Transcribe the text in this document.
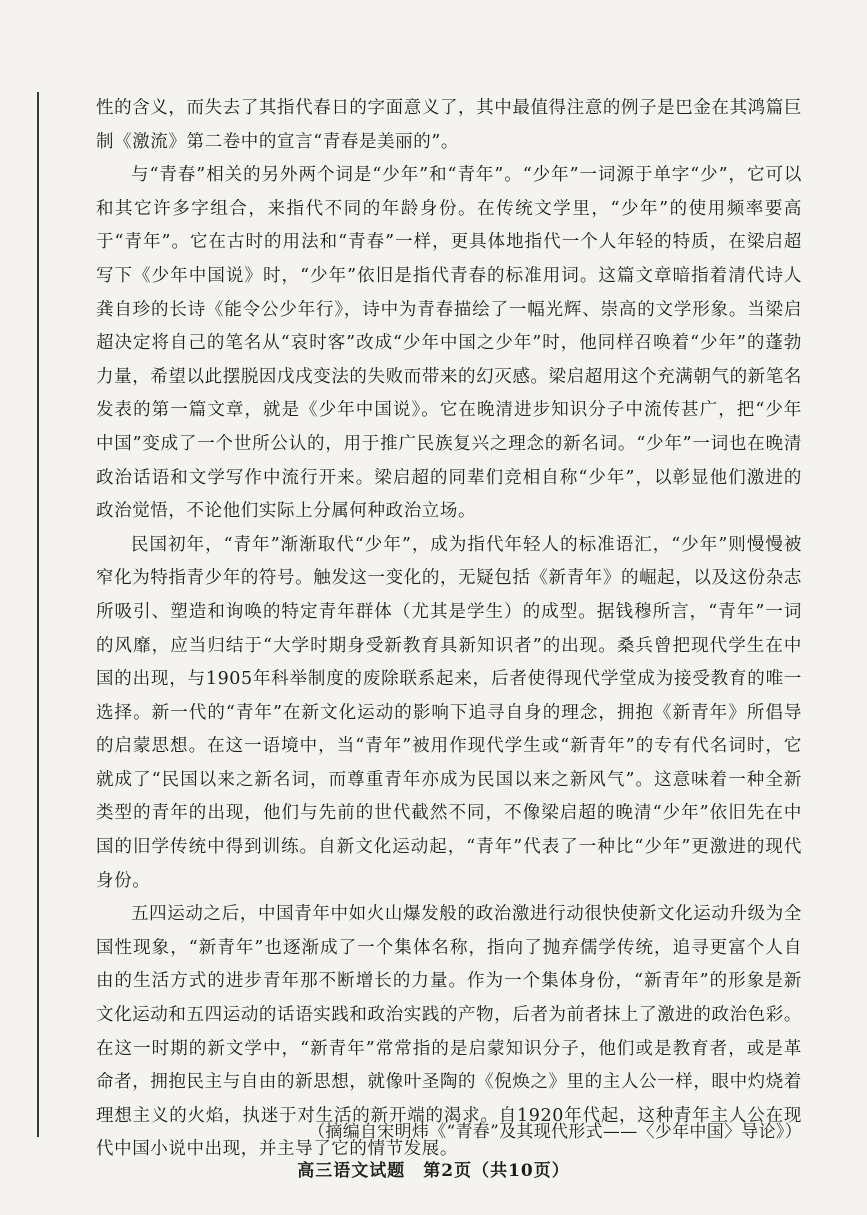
性的含义，而失去了其指代春日的字面意义了，其中最值得注意的例子是巴金在其鸿篇巨制《激流》第二卷中的宣言“青春是美丽的”。

与“青春”相关的另外两个词是“少年”和“青年”。“少年”一词源于单字“少”，它可以和其它许多字组合，来指代不同的年龄身份。在传统文学里，“少年”的使用频率要高于“青年”。它在古时的用法和“青春”一样，更具体地指代一个人年轻的特质，在梁启超写下《少年中国说》时，“少年”依旧是指代青春的标准用词。这篇文章暗指着清代诗人龚自珍的长诗《能令公少年行》，诗中为青春描绘了一幅光辉、崇高的文学形象。当梁启超决定将自己的笔名从“哀时客”改成“少年中国之少年”时，他同样召唤着“少年”的蓬勃力量，希望以此摆脱因戊戌变法的失败而带来的幻灭感。梁启超用这个充满朝气的新笔名发表的第一篇文章，就是《少年中国说》。它在晚清进步知识分子中流传甚广，把“少年中国”变成了一个世所公认的，用于推广民族复兴之理念的新名词。“少年”一词也在晚清政治话语和文学写作中流行开来。梁启超的同辈们竞相自称“少年”，以彰显他们激进的政治觉悟，不论他们实际上分属何种政治立场。

民国初年，“青年”渐渐取代“少年”，成为指代年轻人的标准语汇，“少年”则慢慢被窄化为特指青少年的符号。触发这一变化的，无疑包括《新青年》的崛起，以及这份杂志所吸引、塑造和询唤的特定青年群体（尤其是学生）的成型。据钱穆所言，“青年”一词的风靡，应当归结于“大学时期身受新教育具新知识者”的出现。桑兵曾把现代学生在中国的出现，与1905年科举制度的废除联系起来，后者使得现代学堂成为接受教育的唯一选择。新一代的“青年”在新文化运动的影响下追寻自身的理念，拥抱《新青年》所倡导的启蒙思想。在这一语境中，当“青年”被用作现代学生或“新青年”的专有代名词时，它就成了“民国以来之新名词，而尊重青年亦成为民国以来之新风气”。这意味着一种全新类型的青年的出现，他们与先前的世代截然不同，不像梁启超的晚清“少年”依旧先在中国的旧学传统中得到训练。自新文化运动起，“青年”代表了一种比“少年”更激进的现代身份。

五四运动之后，中国青年中如火山爆发般的政治激进行动很快使新文化运动升级为全国性现象，“新青年”也逐渐成了一个集体名称，指向了抛弃儒学传统，追寻更富个人自由的生活方式的进步青年那不断增长的力量。作为一个集体身份，“新青年”的形象是新文化运动和五四运动的话语实践和政治实践的产物，后者为前者抹上了激进的政治色彩。在这一时期的新文学中，“新青年”常常指的是启蒙知识分子，他们或是教育者，或是革命者，拥抱民主与自由的新思想，就像叶圣陶的《倪焕之》里的主人公一样，眼中灼烧着理想主义的火焰，执迷于对生活的新开端的渴求。自1920年代起，这种青年主人公在现代中国小说中出现，并主导了它的情节发展。

（摘编自宋明炜《“青春”及其现代形式——〈少年中国〉导论》）
高三语文试题　第2页（共10页）
